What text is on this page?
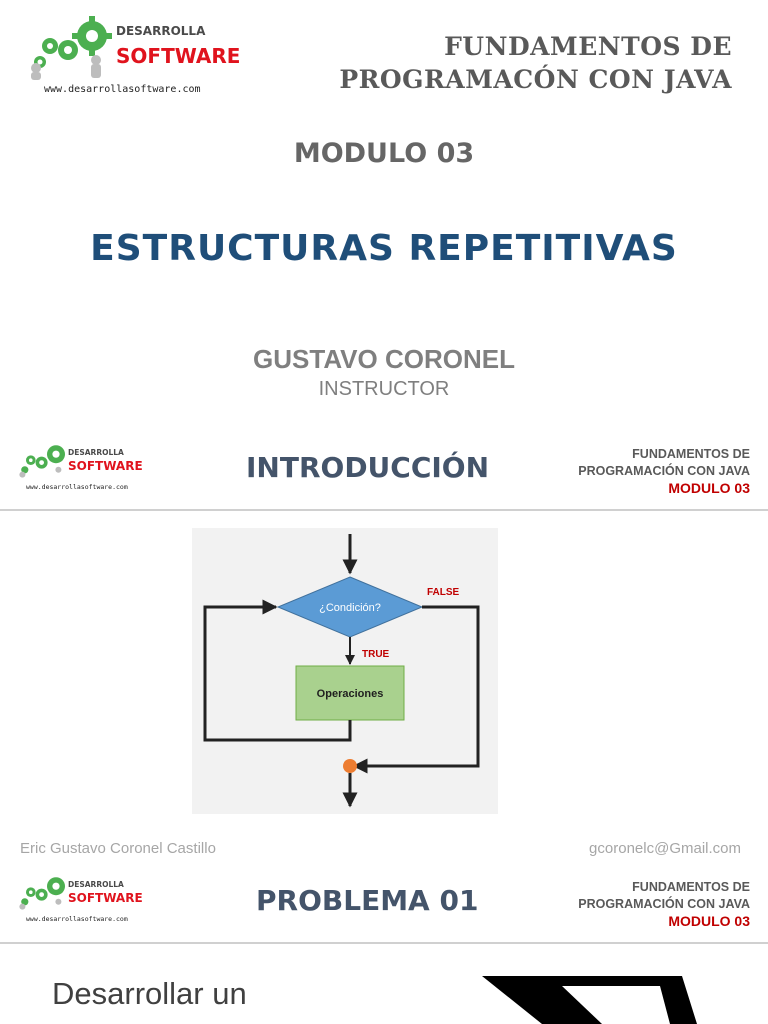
DESARROLLA
SOFTWARE
www.desarrollasoftware.com
FUNDAMENTOS DE
PROGRAMACÓN CON JAVA
MODULO 03
ESTRUCTURAS REPETITIVAS
GUSTAVO CORONEL
INSTRUCTOR
DESARROLLA
SOFTWARE
www.desarrollasoftware.com
INTRODUCCIÓN	FUNDAMENTOS DE
PROGRAMACIÓN CON JAVA
MODULO 03
¿Condición?
FALSE
TRUE
Operaciones
Eric Gustavo Coronel Castillo	gcoronelc@Gmail.com
DESARROLLA
SOFTWARE
www.desarrollasoftware.com
PROBLEMA 01	FUNDAMENTOS DE
PROGRAMACIÓN CON JAVA
MODULO 03
Desarrollar un
